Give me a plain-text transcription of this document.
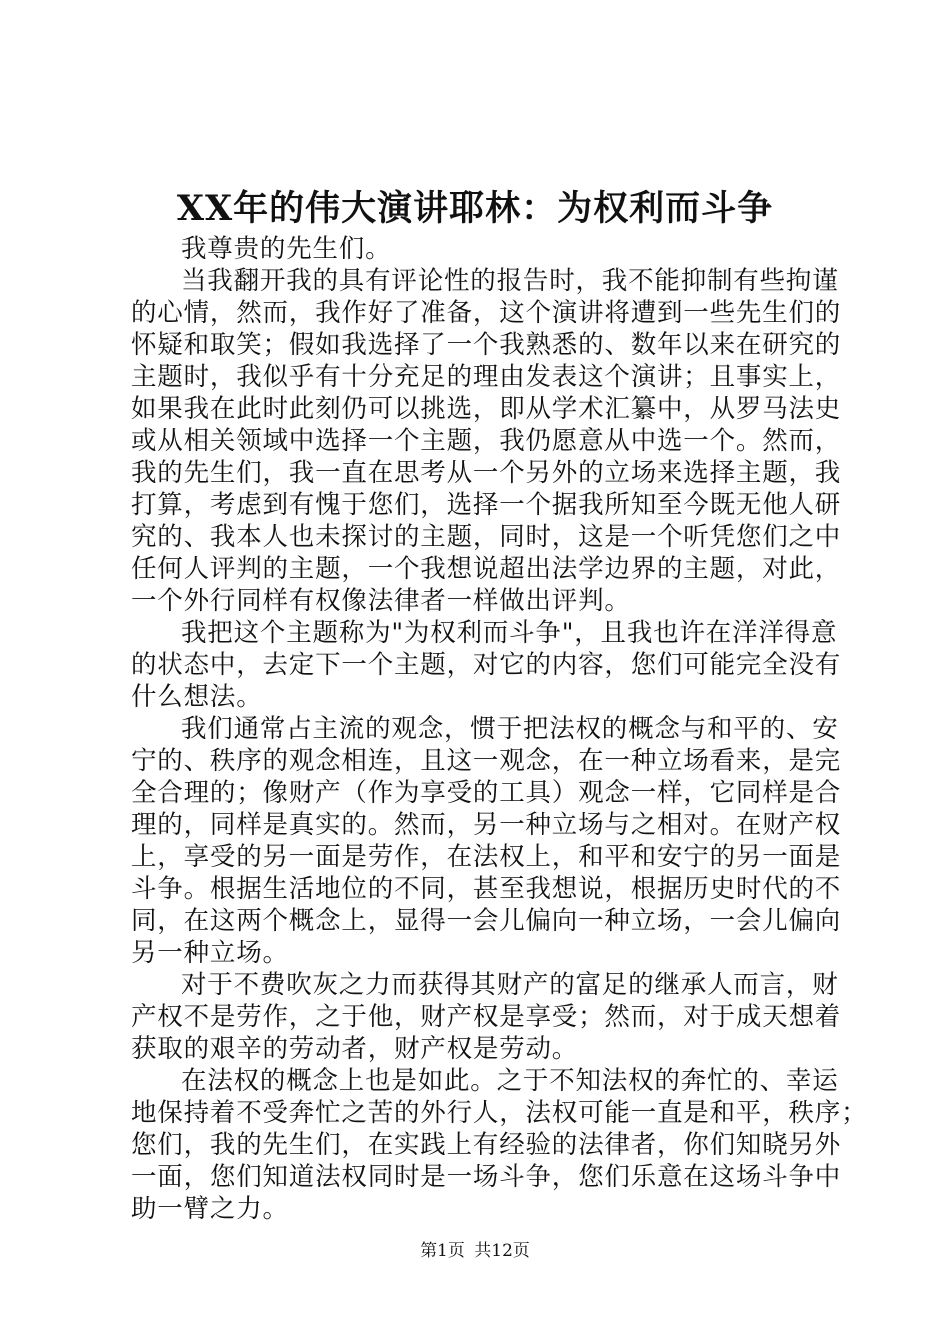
XX年的伟大演讲耶林：为权利而斗争
我尊贵的先生们。
当我翻开我的具有评论性的报告时，我不能抑制有些拘谨
的心情，然而，我作好了准备，这个演讲将遭到一些先生们的
怀疑和取笑；假如我选择了一个我熟悉的、数年以来在研究的
主题时，我似乎有十分充足的理由发表这个演讲；且事实上，
如果我在此时此刻仍可以挑选，即从学术汇纂中，从罗马法史
或从相关领域中选择一个主题，我仍愿意从中选一个。然而，
我的先生们，我一直在思考从一个另外的立场来选择主题，我
打算，考虑到有愧于您们，选择一个据我所知至今既无他人研
究的、我本人也未探讨的主题，同时，这是一个听凭您们之中
任何人评判的主题，一个我想说超出法学边界的主题，对此，
一个外行同样有权像法律者一样做出评判。
我把这个主题称为"为权利而斗争"，且我也许在洋洋得意
的状态中，去定下一个主题，对它的内容，您们可能完全没有
什么想法。
我们通常占主流的观念，惯于把法权的概念与和平的、安
宁的、秩序的观念相连，且这一观念，在一种立场看来，是完
全合理的；像财产（作为享受的工具）观念一样，它同样是合
理的，同样是真实的。然而，另一种立场与之相对。在财产权
上，享受的另一面是劳作，在法权上，和平和安宁的另一面是
斗争。根据生活地位的不同，甚至我想说，根据历史时代的不
同，在这两个概念上，显得一会儿偏向一种立场，一会儿偏向
另一种立场。
对于不费吹灰之力而获得其财产的富足的继承人而言，财
产权不是劳作，之于他，财产权是享受；然而，对于成天想着
获取的艰辛的劳动者，财产权是劳动。
在法权的概念上也是如此。之于不知法权的奔忙的、幸运
地保持着不受奔忙之苦的外行人，法权可能一直是和平，秩序；
您们，我的先生们，在实践上有经验的法律者，你们知晓另外
一面，您们知道法权同时是一场斗争，您们乐意在这场斗争中
助一臂之力。
第1页 共12页
